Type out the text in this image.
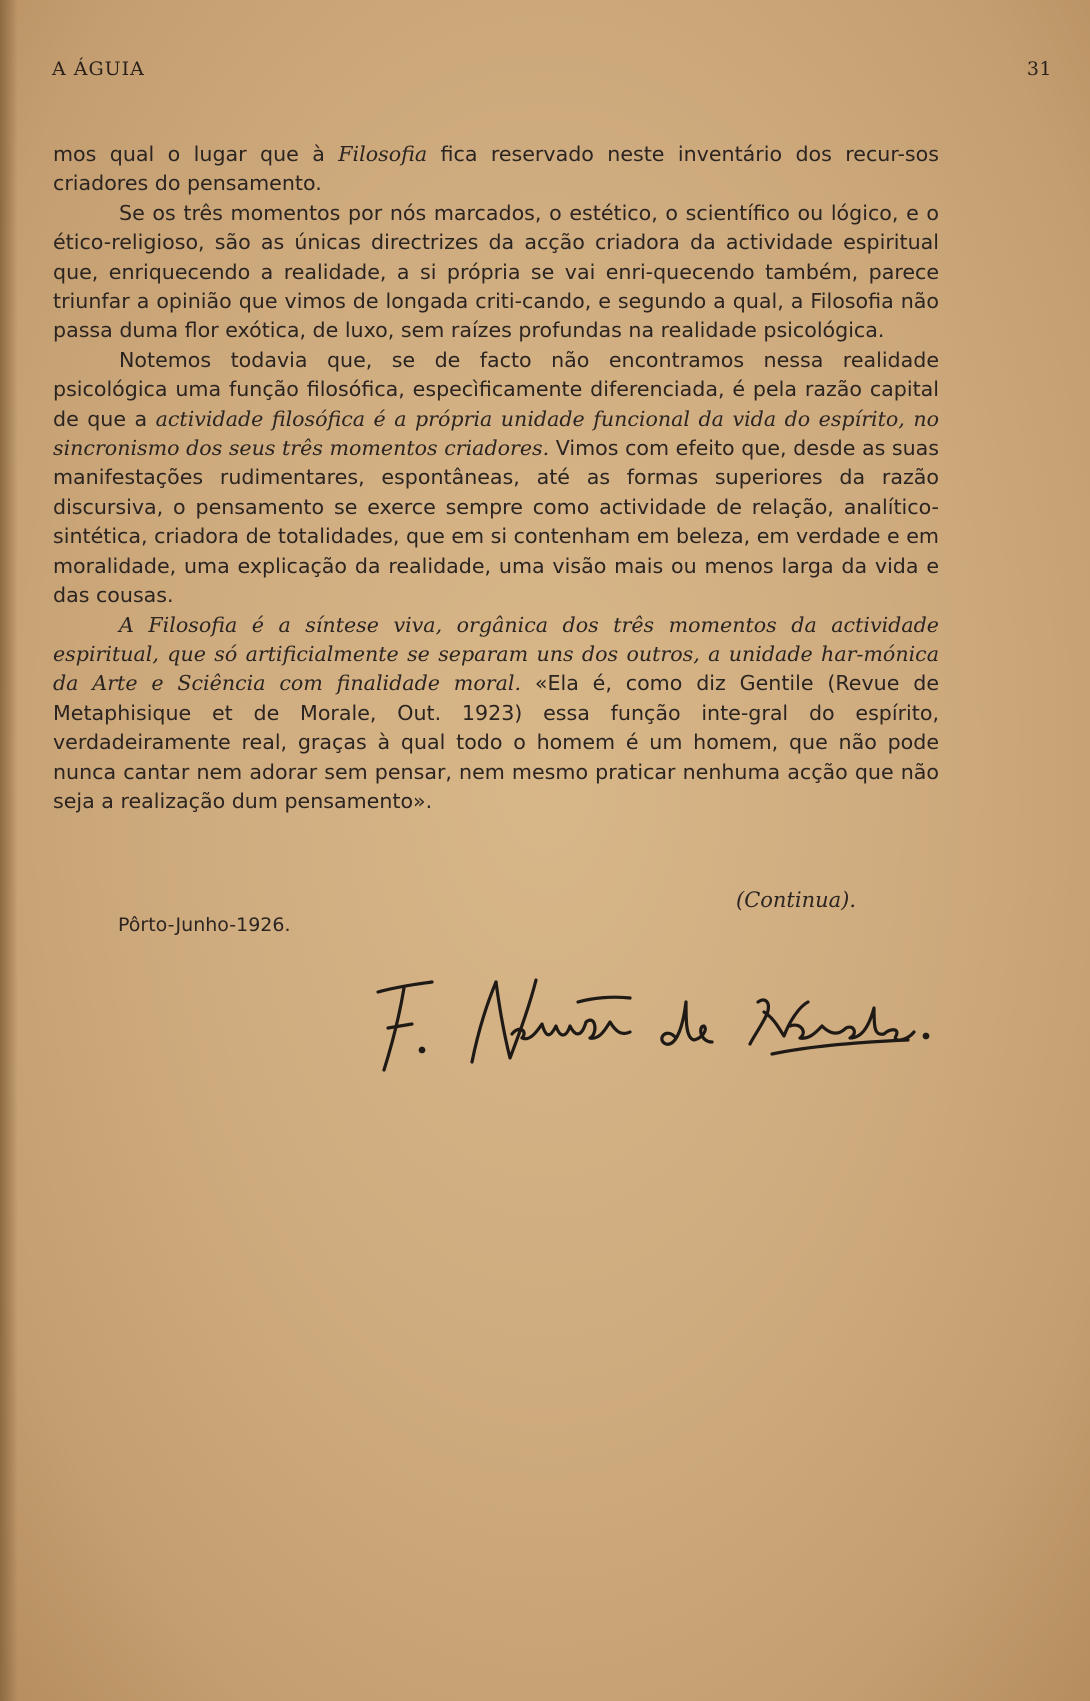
A ÁGUIA	31

mos qual o lugar que à Filosofia fica reservado neste inventário dos recur-sos criadores do pensamento.

Se os três momentos por nós marcados, o estético, o scientífico ou lógico, e o ético-religioso, são as únicas directrizes da acção criadora da actividade espiritual que, enriquecendo a realidade, a si própria se vai enri-quecendo também, parece triunfar a opinião que vimos de longada criti-cando, e segundo a qual, a Filosofia não passa duma flor exótica, de luxo, sem raízes profundas na realidade psicológica.

Notemos todavia que, se de facto não encontramos nessa realidade psicológica uma função filosófica, especìficamente diferenciada, é pela razão capital de que a actividade filosófica é a própria unidade funcional da vida do espírito, no sincronismo dos seus três momentos criadores. Vimos com efeito que, desde as suas manifestações rudimentares, espontâneas, até as formas superiores da razão discursiva, o pensamento se exerce sempre como actividade de relação, analítico-sintética, criadora de totalidades, que em si contenham em beleza, em verdade e em moralidade, uma explicação da realidade, uma visão mais ou menos larga da vida e das cousas.

A Filosofia é a síntese viva, orgânica dos três momentos da actividade espiritual, que só artificialmente se separam uns dos outros, a unidade har-mónica da Arte e Sciência com finalidade moral. «Ela é, como diz Gentile (Revue de Metaphisique et de Morale, Out. 1923) essa função inte-gral do espírito, verdadeiramente real, graças à qual todo o homem é um homem, que não pode nunca cantar nem adorar sem pensar, nem mesmo praticar nenhuma acção que não seja a realização dum pensamento».

(Continua).
Pôrto-Junho-1926.
